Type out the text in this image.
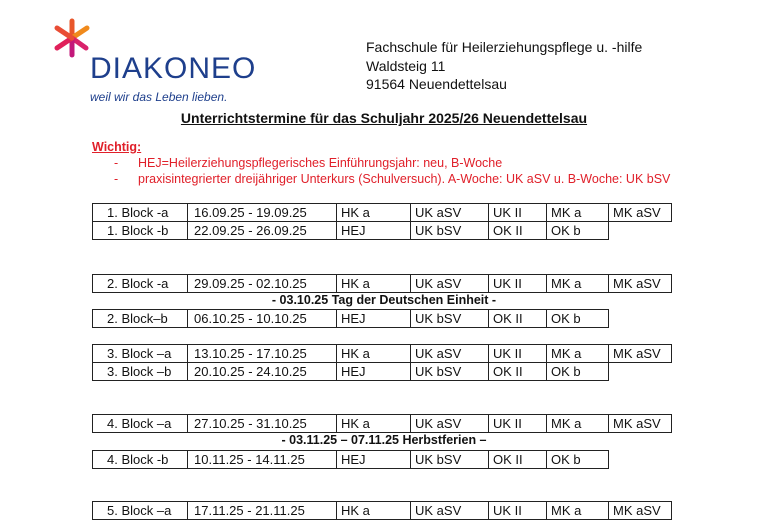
DIAKONEO
weil wir das Leben lieben.
Fachschule für Heilerziehungspflege u. -hilfe
Waldsteig 11
91564 Neuendettelsau
Unterrichtstermine für das Schuljahr 2025/26 Neuendettelsau
Wichtig:
-	HEJ=Heilerziehungspflegerisches Einführungsjahr: neu, B-Woche
-	praxisintegrierter dreijähriger Unterkurs (Schulversuch). A-Woche: UK aSV u. B-Woche: UK bSV
1. Block -a	16.09.25 - 19.09.25	HK a	UK aSV	UK II	MK a	MK aSV
1. Block -b	22.09.25 - 26.09.25	HEJ	UK bSV	OK II	OK b
2. Block -a	29.09.25 - 02.10.25	HK a	UK aSV	UK II	MK a	MK aSV
- 03.10.25 Tag der Deutschen Einheit -
2. Block–b	06.10.25 - 10.10.25	HEJ	UK bSV	OK II	OK b
3. Block –a	13.10.25 - 17.10.25	HK a	UK aSV	UK II	MK a	MK aSV
3. Block –b	20.10.25 - 24.10.25	HEJ	UK bSV	OK II	OK b
4. Block –a	27.10.25 - 31.10.25	HK a	UK aSV	UK II	MK a	MK aSV
- 03.11.25 – 07.11.25 Herbstferien –
4. Block -b	10.11.25 - 14.11.25	HEJ	UK bSV	OK II	OK b
5. Block –a	17.11.25 - 21.11.25	HK a	UK aSV	UK II	MK a	MK aSV
